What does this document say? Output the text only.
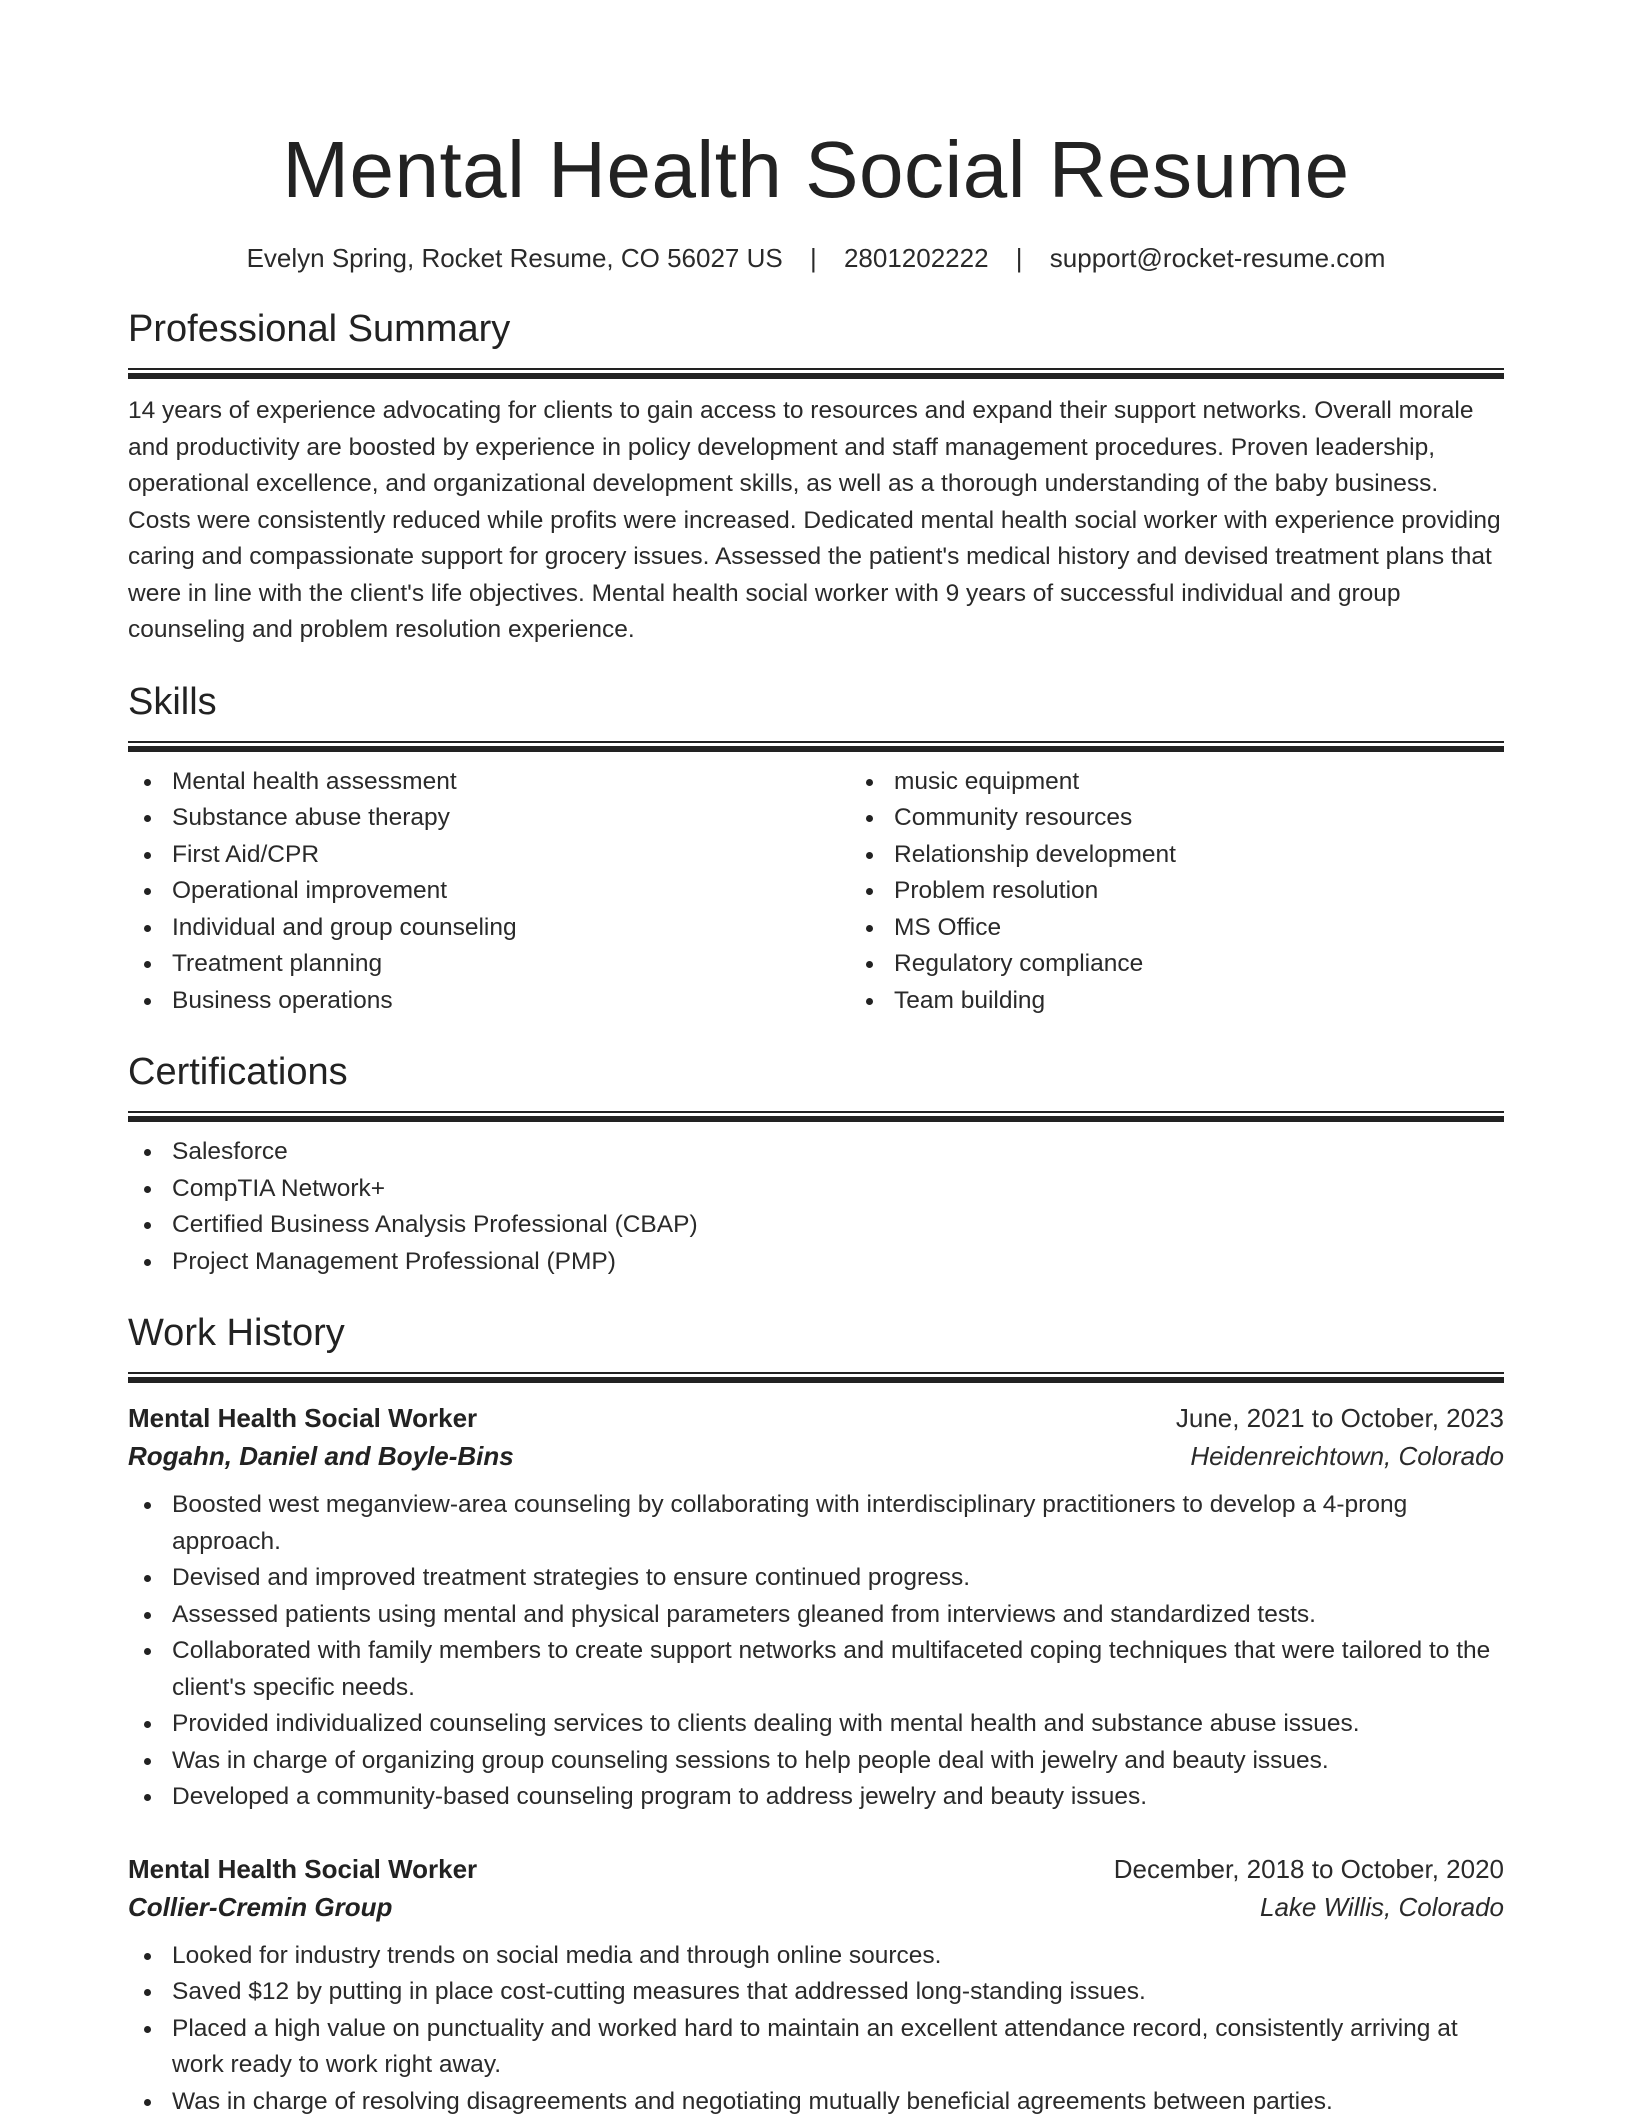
Mental Health Social Resume
Evelyn Spring, Rocket Resume, CO 56027 US | 2801202222 | support@rocket-resume.com
Professional Summary

14 years of experience advocating for clients to gain access to resources and expand their support networks. Overall morale and productivity are boosted by experience in policy development and staff management procedures. Proven leadership, operational excellence, and organizational development skills, as well as a thorough understanding of the baby business. Costs were consistently reduced while profits were increased. Dedicated mental health social worker with experience providing caring and compassionate support for grocery issues. Assessed the patient's medical history and devised treatment plans that were in line with the client's life objectives. Mental health social worker with 9 years of successful individual and group counseling and problem resolution experience.

Skills
Mental health assessment
Substance abuse therapy
First Aid/CPR
Operational improvement
Individual and group counseling
Treatment planning
Business operations
music equipment
Community resources
Relationship development
Problem resolution
MS Office
Regulatory compliance
Team building
Certifications
Salesforce
CompTIA Network+
Certified Business Analysis Professional (CBAP)
Project Management Professional (PMP)
Work History
Mental Health Social Worker	June, 2021 to October, 2023
Rogahn, Daniel and Boyle-Bins	Heidenreichtown, Colorado
Boosted west meganview-area counseling by collaborating with interdisciplinary practitioners to develop a 4-prong approach.
Devised and improved treatment strategies to ensure continued progress.
Assessed patients using mental and physical parameters gleaned from interviews and standardized tests.
Collaborated with family members to create support networks and multifaceted coping techniques that were tailored to the client's specific needs.
Provided individualized counseling services to clients dealing with mental health and substance abuse issues.
Was in charge of organizing group counseling sessions to help people deal with jewelry and beauty issues.
Developed a community-based counseling program to address jewelry and beauty issues.
Mental Health Social Worker	December, 2018 to October, 2020
Collier-Cremin Group	Lake Willis, Colorado
Looked for industry trends on social media and through online sources.
Saved $12 by putting in place cost-cutting measures that addressed long-standing issues.
Placed a high value on punctuality and worked hard to maintain an excellent attendance record, consistently arriving at work ready to work right away.
Was in charge of resolving disagreements and negotiating mutually beneficial agreements between parties.
